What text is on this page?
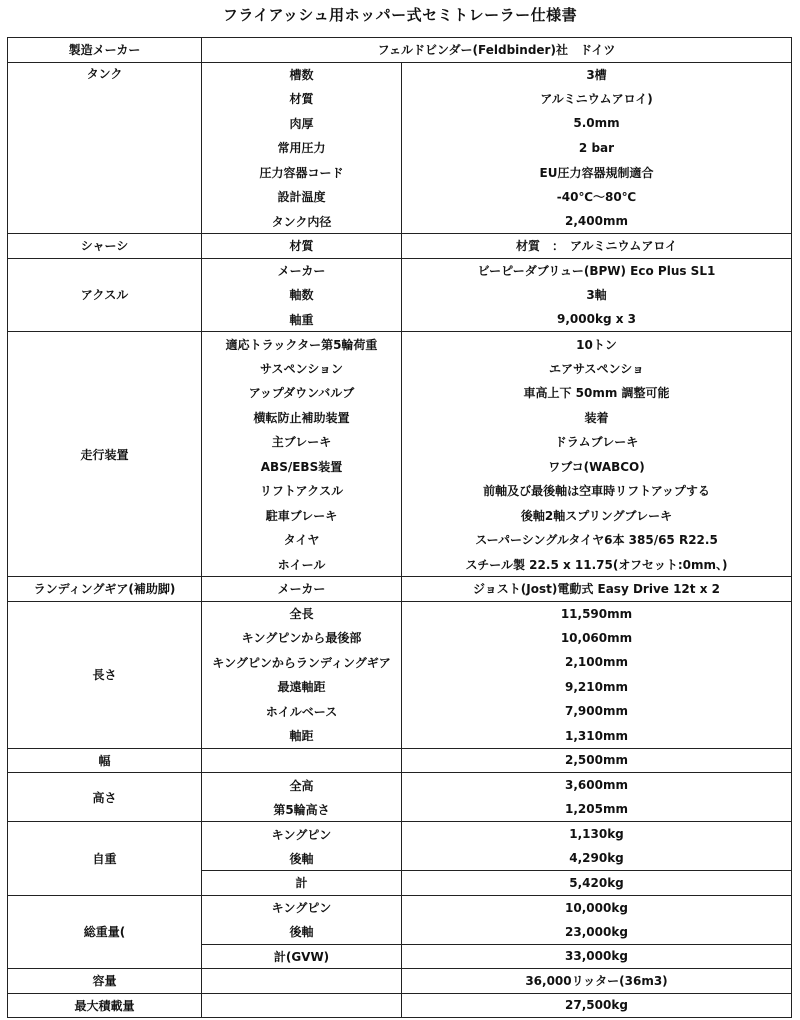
フライアッシュ用ホッパー式セミトレーラー仕様書
製造メーカー	フェルドビンダー(Feldbinder)社　ドイツ	
タンク	槽数	3槽
	材質	アルミニウムアロイ)
	肉厚	5.0mm
	常用圧力	2 bar
	圧力容器コード	EU圧力容器規制適合
	設計温度	-40℃〜80℃
	タンク内径	2,400mm
シャーシ	材質	材質　：　アルミニウムアロイ
アクスル	メーカー	ビーピーダブリュー(BPW) Eco Plus SL1
	軸数	3軸
	軸重	9,000kg x 3
走行装置	適応トラックター第5輪荷重	10トン
	サスペンション	エアサスペンショ
	アップダウンバルブ	車高上下 50mm 調整可能
	横転防止補助装置	装着
	主ブレーキ	ドラムブレーキ
	ABS/EBS装置	ワブコ(WABCO)
	リフトアクスル	前軸及び最後軸は空車時リフトアップする
	駐車ブレーキ	後軸2軸スプリングブレーキ
	タイヤ	スーパーシングルタイヤ6本 385/65 R22.5
	ホイール	スチール製 22.5 x 11.75(オフセット:0mm、)
ランディングギア(補助脚)	メーカー	ジョスト(Jost)電動式 Easy Drive 12t x 2
長さ	全長	11,590mm
	キングピンから最後部	10,060mm
	キングピンからランディングギア	2,100mm
	最遠軸距	9,210mm
	ホイルベース	7,900mm
	軸距	1,310mm
幅		2,500mm
高さ	全高	3,600mm
	第5輪高さ	1,205mm
自重	キングピン	1,130kg
	後軸	4,290kg
	計	5,420kg
総重量(	キングピン	10,000kg
	後軸	23,000kg
	計(GVW)	33,000kg
容量		36,000リッター(36m3)
最大積載量		27,500kg
